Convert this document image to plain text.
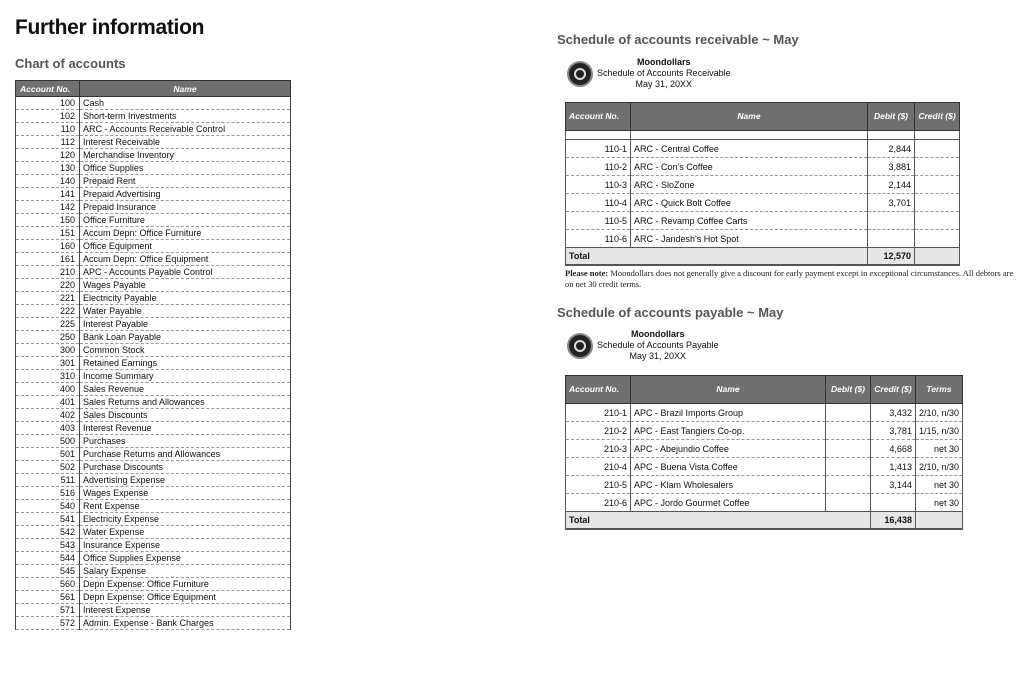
Further information
Chart of accounts
Account No.	Name
100	Cash
102	Short-term Investments
110	ARC - Accounts Receivable Control
112	Interest Receivable
120	Merchandise Inventory
130	Office Supplies
140	Prepaid Rent
141	Prepaid Advertising
142	Prepaid Insurance
150	Office Furniture
151	Accum Depn: Office Furniture
160	Office Equipment
161	Accum Depn: Office Equipment
210	APC - Accounts Payable Control
220	Wages Payable
221	Electricity Payable
222	Water Payable
225	Interest Payable
250	Bank Loan Payable
300	Common Stock
301	Retained Earnings
310	Income Summary
400	Sales Revenue
401	Sales Returns and Allowances
402	Sales Discounts
403	Interest Revenue
500	Purchases
501	Purchase Returns and Allowances
502	Purchase Discounts
511	Advertising Expense
516	Wages Expense
540	Rent Expense
541	Electricity Expense
542	Water Expense
543	Insurance Expense
544	Office Supplies Expense
545	Salary Expense
560	Depn Expense: Office Furniture
561	Depn Expense: Office Equipment
571	Interest Expense
572	Admin. Expense - Bank Charges
Schedule of accounts receivable ~ May
Moondollars
Schedule of Accounts Receivable
May 31, 20XX
Account No.	Name	Debit ($)	Credit ($)

110-1	ARC - Central Coffee	2,844	
110-2	ARC - Con's Coffee	3,881	
110-3	ARC - SloZone	2,144	
110-4	ARC - Quick Bolt Coffee	3,701	
110-5	ARC - Revamp Coffee Carts		
110-6	ARC - Jandesh's Hot Spot		
Total		12,570	
Please note: Moondollars does not generally give a discount for early payment except in exceptional circumstances. All debtors are on net 30 credit terms.
Schedule of accounts payable ~ May
Moondollars
Schedule of Accounts Payable
May 31, 20XX
Account No.	Name	Debit ($)	Credit ($)	Terms
210-1	APC - Brazil Imports Group		3,432	2/10, n/30
210-2	APC - East Tangiers Co-op.		3,781	1/15, n/30
210-3	APC - Abejundio Coffee		4,668	net 30
210-4	APC - Buena Vista Coffee		1,413	2/10, n/30
210-5	APC - Klam Wholesalers		3,144	net 30
210-6	APC - Jordo Gourmet Coffee			net 30
Total			16,438	
